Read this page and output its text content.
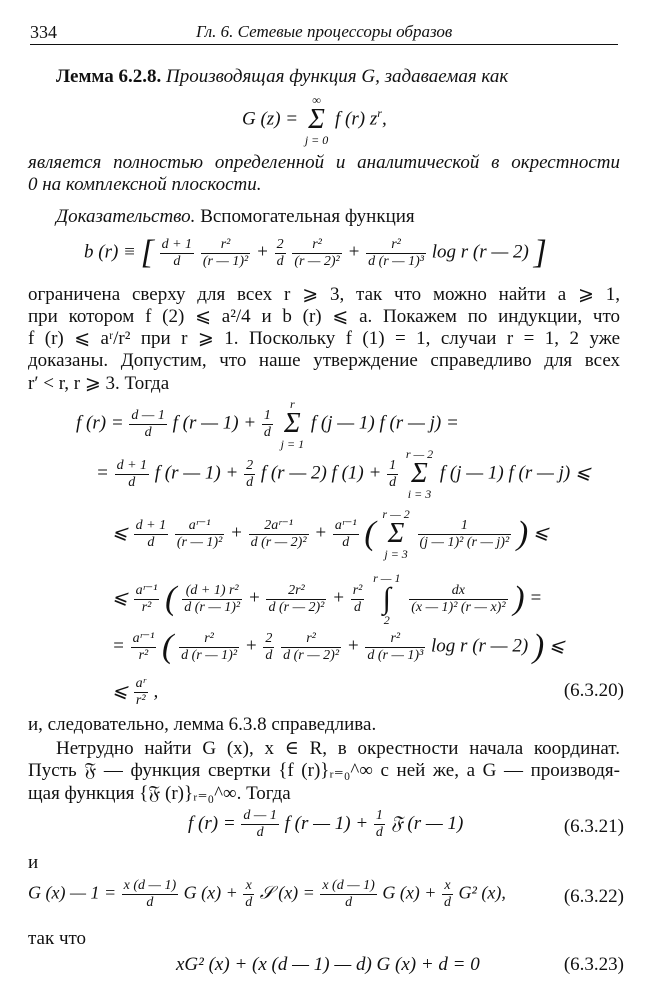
334	Гл. 6. Сетевые процессоры образов
Лемма 6.2.8. Производящая функция G, задаваемая как
G (z) =
∞
Σ
j = 0
f (r) $z^r$,
является полностью определенной и аналитической в окрестности
0 на комплексной плоскости.
Доказательство. Вспомогательная функция
b (r) ≡ [ $\frac{d + 1}{d}$
$\frac{\text{r²}}{\text{(r — 1)²}} + \frac{2}{d}$
$\frac{\text{r²}}{\text{(r — 2)²}} + \frac{\text{r²}}{\text{d (r — 1)³}}$ log r (r — 2) ]
ограничена сверху для всех r ⩾ 3, так что можно найти a ⩾ 1,
при котором f (2) ⩽ a²/4 и b (r) ⩽ a. Покажем по индукции, что
f (r) ⩽ aʳ/r² при r ⩾ 1. Поскольку f (1) = 1, случаи r = 1, 2 уже
доказаны. Допустим, что наше утверждение справедливо для всех
r′ < r, r ⩾ 3. Тогда
f $(r) = \frac{d — 1}{d}$ f (r — $1) + \frac{1}{d}$

r
Σ
j = 1
f (j — 1) f (r — j) =
= $\frac{d + 1}{d}$ f (r — $1) + \frac{2}{d}$ f (r — 2) f $(1) + \frac{1}{d}$

r — 2
Σ
i = 3
f (j — 1) f (r — j) ⩽
⩽ $\frac{d + 1}{d}$
$\frac{\text{aʳ⁻¹}}{\text{(r — 1)²}} + \frac{\text{2aʳ⁻¹}}{\text{d (r — 2)²}} + \frac{\text{aʳ⁻¹}}{d}$ (
r — 2
Σ
j = 3

$\frac{1}{\text{(j — 1)² (r — j)²}}$ ) ⩽
⩽ $\frac{\text{aʳ⁻¹}}{\text{r²}}$ ( $\frac{\text{(d + 1) r²}}{\text{d (r — 1)²}} + \frac{\text{2r²}}{\text{d (r — 2)²}} + \frac{\text{r²}}{d}$

r — 1
∫
2

$\frac{dx}{\text{(x — 1)² (r — x)²}}$ ) =
= $\frac{\text{aʳ⁻¹}}{\text{r²}}$ ( $\frac{\text{r²}}{\text{d (r — 1)²}} + \frac{2}{d}$
$\frac{\text{r²}}{\text{d (r — 2)²}} + \frac{\text{r²}}{\text{d (r — 1)³}}$ log r (r — 2) ) ⩽
⩽ $\frac{\text{aʳ}}{\text{r²}}$ ,	(6.3.20)
и, следовательно, лемма 6.3.8 справедлива.
Нетрудно найти G (x), x ∈ R, в окрестности начала координат.
Пусть 𝔉 — функция свертки {f (r)}ᵣ₌₀^∞ с ней же, а G — производя-
щая функция {𝔉 (r)}ᵣ₌₀^∞. Тогда
f $(r) = \frac{d — 1}{d}$ f (r — $1) + \frac{1}{d}$ 𝔉 (r — 1)	(6.3.21)
и
G (x) — $1 = \frac{x (d — 1)}{d}$ G $(x) + \frac{x}{d}$ 𝒮 $(x) = \frac{x (d — 1)}{d}$ G $(x) + \frac{x}{d} G^2$ (x),	(6.3.22)
так что
xG² (x) + (x (d — 1) — d) G (x) + d = 0	(6.3.23)
